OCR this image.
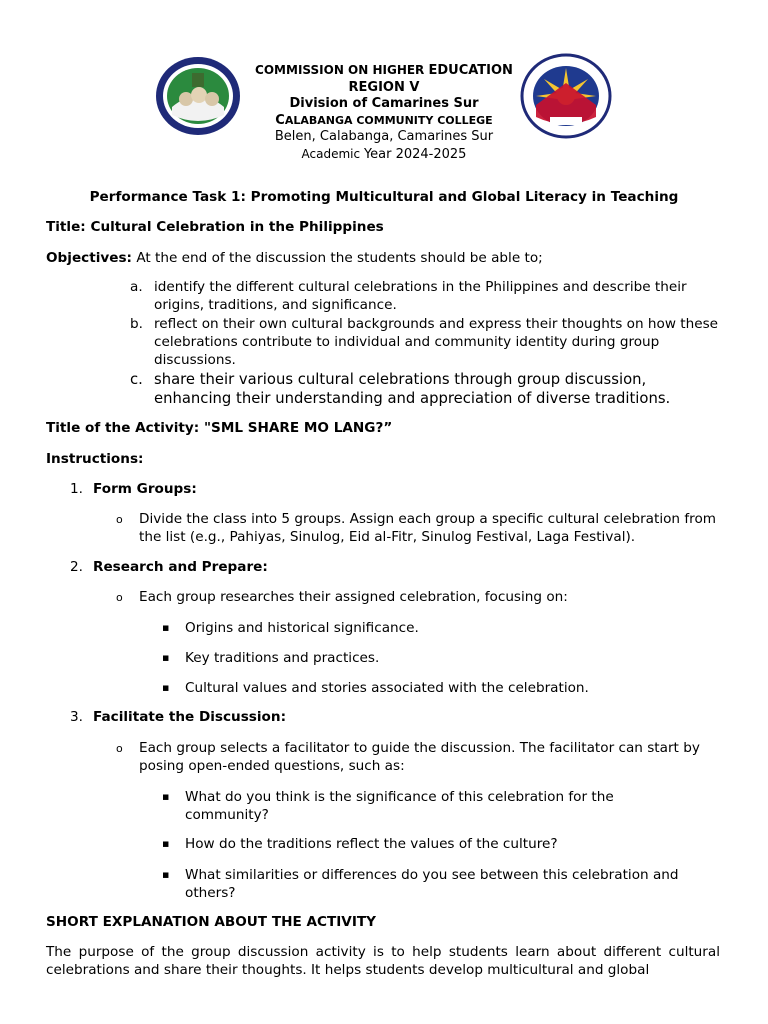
COMMISSION ON HIGHER EDUCATION
REGION V
Division of Camarines Sur
CALABANGA COMMUNITY COLLEGE
Belen, Calabanga, Camarines Sur
Academic Year 2024-2025
Performance Task 1: Promoting Multicultural and Global Literacy in Teaching
Title: Cultural Celebration in the Philippines
Objectives: At the end of the discussion the students should be able to;
a. identify the different cultural celebrations in the Philippines and describe their origins, traditions, and significance.
b. reflect on their own cultural backgrounds and express their thoughts on how these celebrations contribute to individual and community identity during group discussions.
c. share their various cultural celebrations through group discussion, enhancing their understanding and appreciation of diverse traditions.
Title of the Activity: "SML SHARE MO LANG?”
Instructions:
1. Form Groups:
o Divide the class into 5 groups. Assign each group a specific cultural celebration from the list (e.g., Pahiyas, Sinulog, Eid al-Fitr, Sinulog Festival, Laga Festival).
2. Research and Prepare:
o Each group researches their assigned celebration, focusing on:
▪ Origins and historical significance.
▪ Key traditions and practices.
▪ Cultural values and stories associated with the celebration.
3. Facilitate the Discussion:
o Each group selects a facilitator to guide the discussion. The facilitator can start by posing open-ended questions, such as:
▪ What do you think is the significance of this celebration for the community?
▪ How do the traditions reflect the values of the culture?
▪ What similarities or differences do you see between this celebration and others?
SHORT EXPLANATION ABOUT THE ACTIVITY
The purpose of the group discussion activity is to help students learn about different cultural celebrations and share their thoughts. It helps students develop multicultural and global
